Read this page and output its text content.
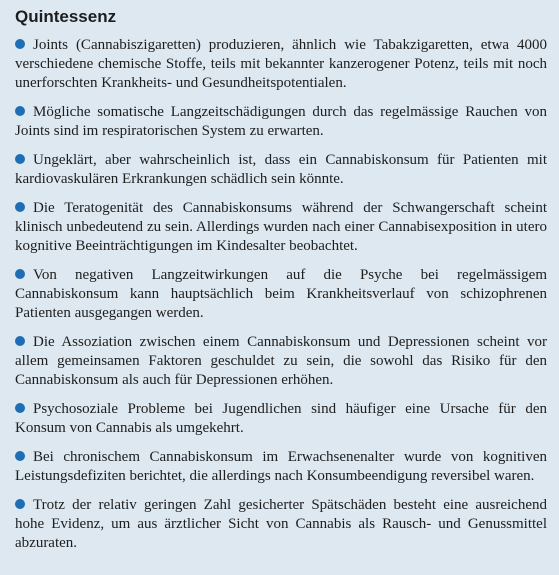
Quintessenz

Joints (Cannabiszigaretten) produzieren, ähnlich wie Tabakzigaretten, etwa 4000 verschiedene chemische Stoffe, teils mit bekannter kanzerogener Potenz, teils mit noch unerforschten Krankheits- und Gesundheitspotentialen.

Mögliche somatische Langzeitschädigungen durch das regelmässige Rauchen von Joints sind im respiratorischen System zu erwarten.

Ungeklärt, aber wahrscheinlich ist, dass ein Cannabiskonsum für Patienten mit kardiovaskulären Erkrankungen schädlich sein könnte.

Die Teratogenität des Cannabiskonsums während der Schwangerschaft scheint klinisch unbedeutend zu sein. Allerdings wurden nach einer Cannabisexposition in utero kognitive Beeinträchtigungen im Kindesalter beobachtet.

Von negativen Langzeitwirkungen auf die Psyche bei regelmässigem Cannabiskonsum kann hauptsächlich beim Krankheitsverlauf von schizophrenen Patienten ausgegangen werden.

Die Assoziation zwischen einem Cannabiskonsum und Depressionen scheint vor allem gemeinsamen Faktoren geschuldet zu sein, die sowohl das Risiko für den Cannabiskonsum als auch für Depressionen erhöhen.

Psychosoziale Probleme bei Jugendlichen sind häufiger eine Ursache für den Konsum von Cannabis als umgekehrt.

Bei chronischem Cannabiskonsum im Erwachsenenalter wurde von kognitiven Leistungsdefiziten berichtet, die allerdings nach Konsumbeendigung reversibel waren.

Trotz der relativ geringen Zahl gesicherter Spätschäden besteht eine ausreichend hohe Evidenz, um aus ärztlicher Sicht von Cannabis als Rausch- und Genussmittel abzuraten.
